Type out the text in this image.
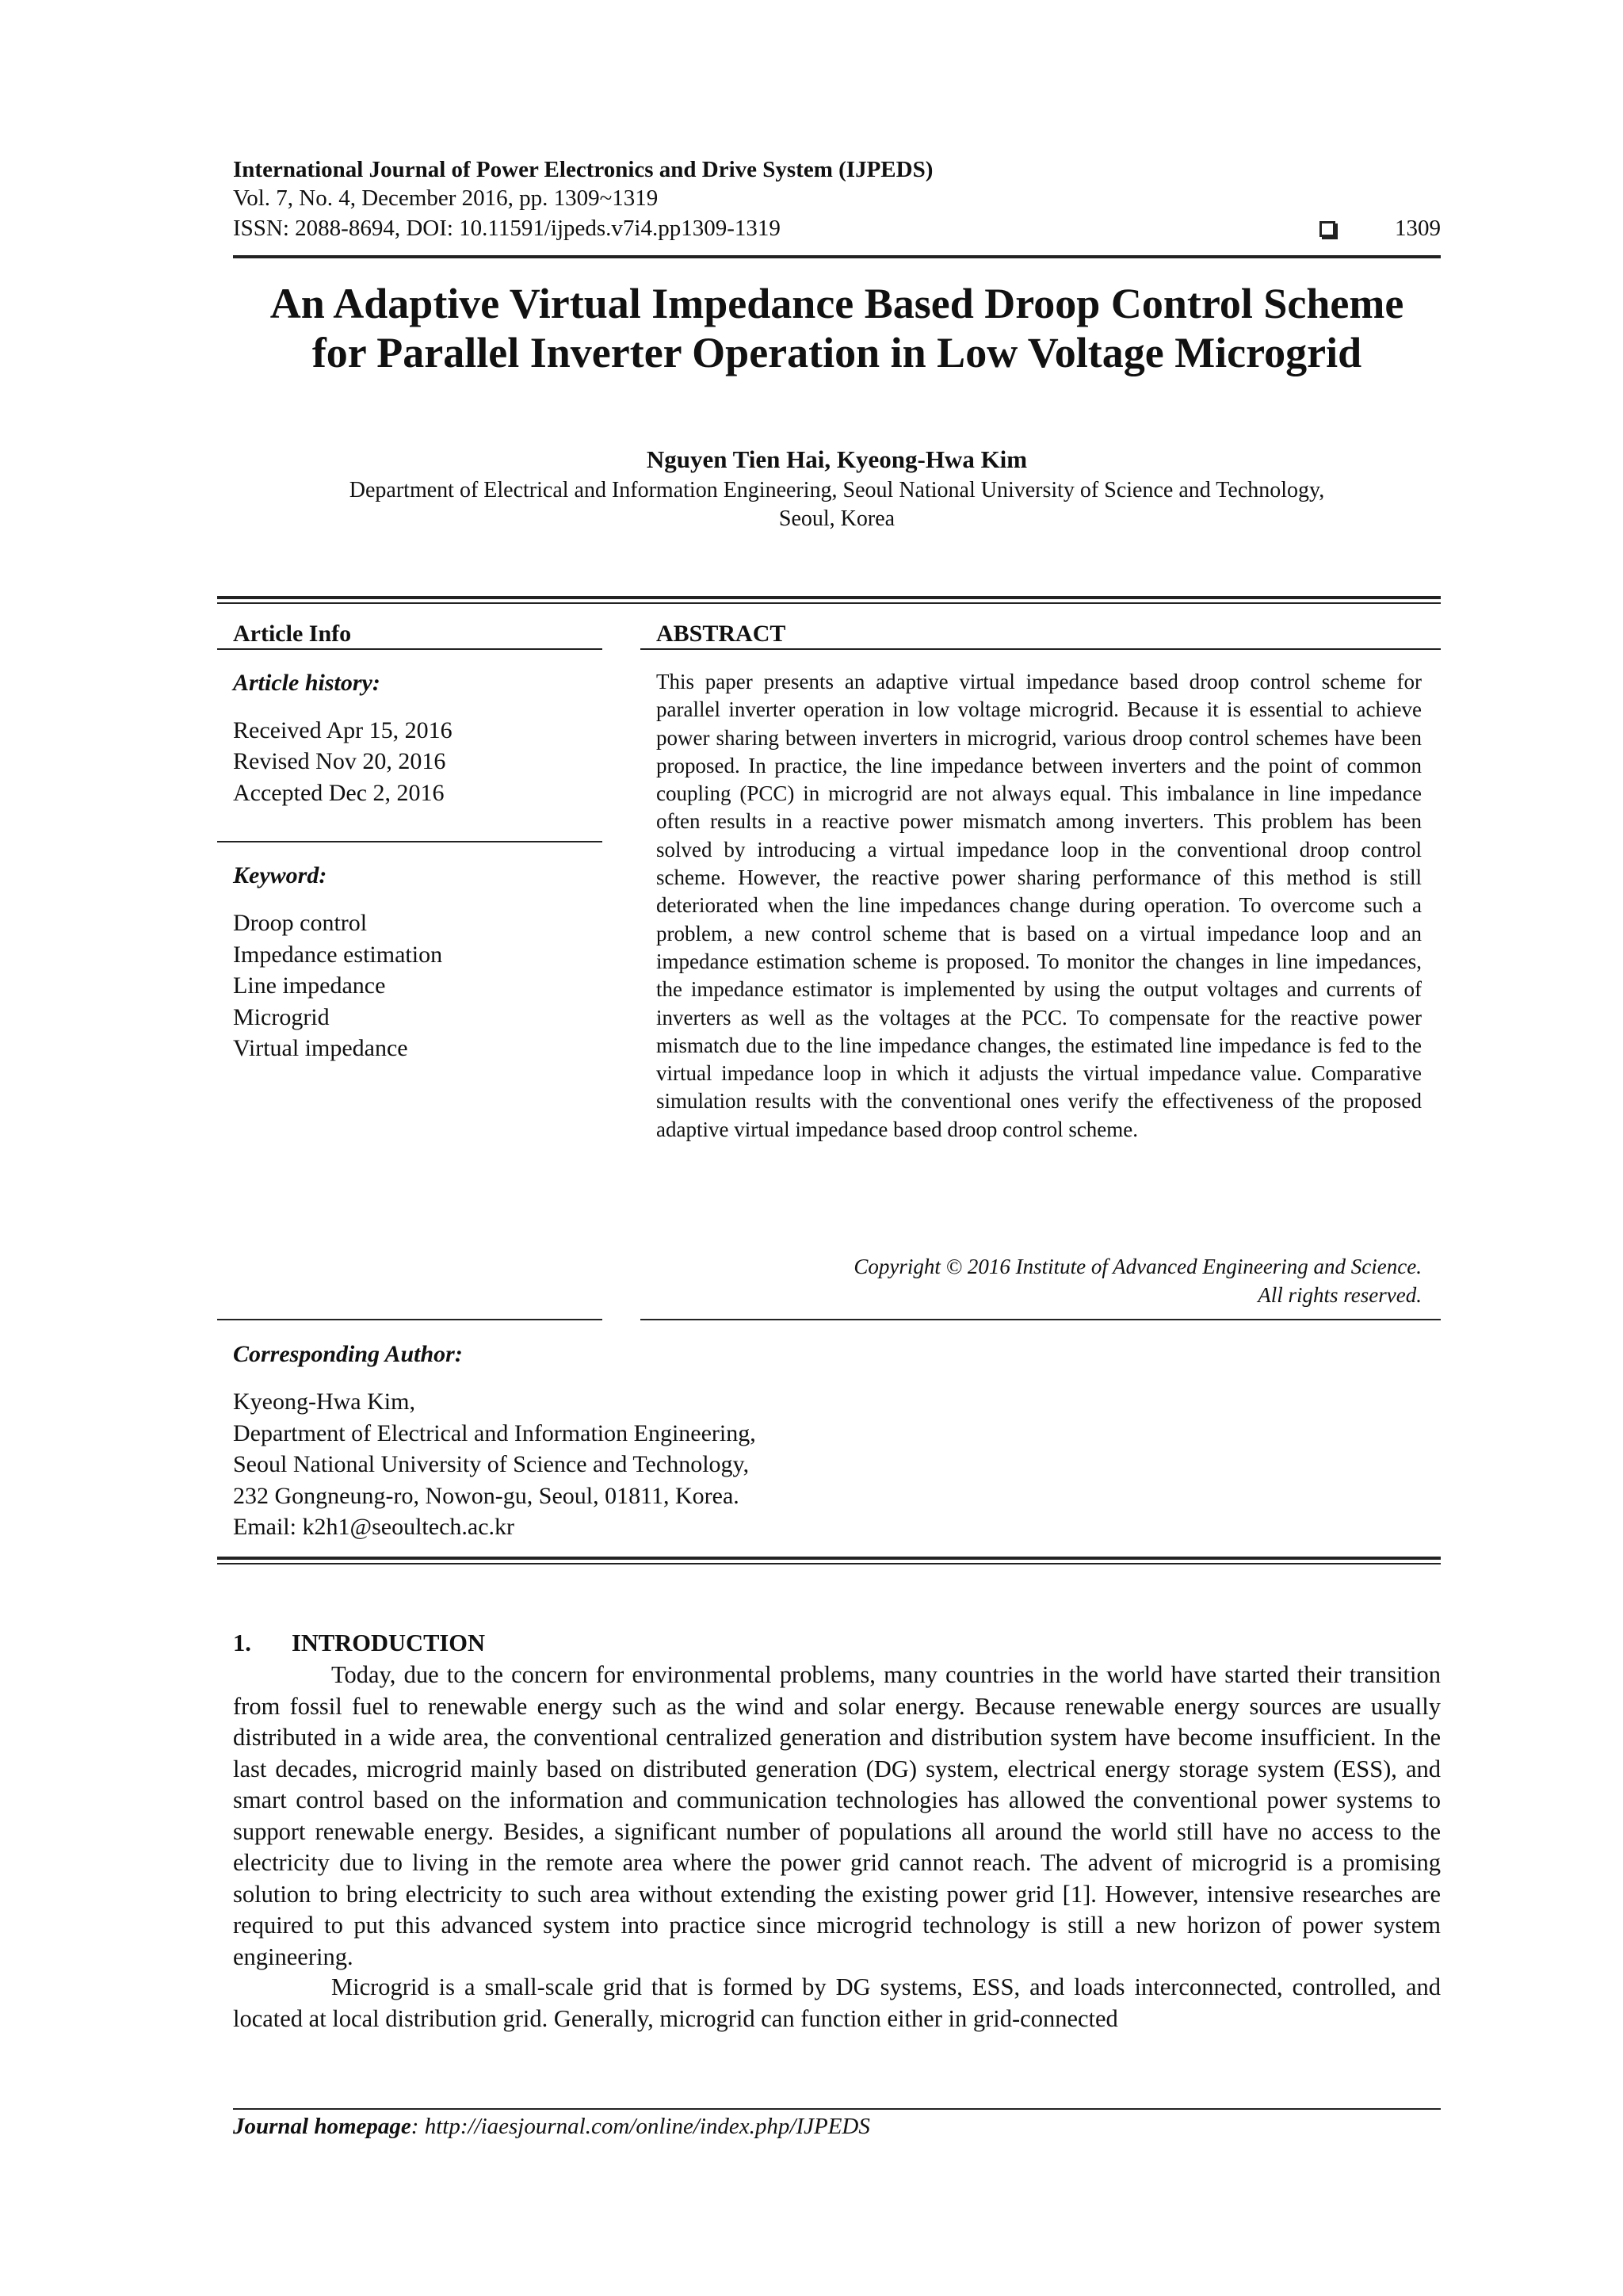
International Journal of Power Electronics and Drive System (IJPEDS)
Vol. 7, No. 4, December 2016, pp. 1309~1319
ISSN: 2088-8694, DOI: 10.11591/ijpeds.v7i4.pp1309-1319	1309
An Adaptive Virtual Impedance Based Droop Control Scheme
for Parallel Inverter Operation in Low Voltage Microgrid
Nguyen Tien Hai, Kyeong-Hwa Kim
Department of Electrical and Information Engineering, Seoul National University of Science and Technology,
Seoul, Korea
Article Info
Article history:
Received Apr 15, 2016
Revised Nov 20, 2016
Accepted Dec 2, 2016
Keyword:
Droop control
Impedance estimation
Line impedance
Microgrid
Virtual impedance
ABSTRACT
This paper presents an adaptive virtual impedance based droop control scheme for parallel inverter operation in low voltage microgrid. Because it is essential to achieve power sharing between inverters in microgrid, various droop control schemes have been proposed. In practice, the line impedance between inverters and the point of common coupling (PCC) in microgrid are not always equal. This imbalance in line impedance often results in a reactive power mismatch among inverters. This problem has been solved by introducing a virtual impedance loop in the conventional droop control scheme. However, the reactive power sharing performance of this method is still deteriorated when the line impedances change during operation. To overcome such a problem, a new control scheme that is based on a virtual impedance loop and an impedance estimation scheme is proposed. To monitor the changes in line impedances, the impedance estimator is implemented by using the output voltages and currents of inverters as well as the voltages at the PCC. To compensate for the reactive power mismatch due to the line impedance changes, the estimated line impedance is fed to the virtual impedance loop in which it adjusts the virtual impedance value. Comparative simulation results with the conventional ones verify the effectiveness of the proposed adaptive virtual impedance based droop control scheme.
Copyright © 2016 Institute of Advanced Engineering and Science.
All rights reserved.
Corresponding Author:
Kyeong-Hwa Kim,
Department of Electrical and Information Engineering,
Seoul National University of Science and Technology,
232 Gongneung-ro, Nowon-gu, Seoul, 01811, Korea.
Email: k2h1@seoultech.ac.kr
1. INTRODUCTION
Today, due to the concern for environmental problems, many countries in the world have started their transition from fossil fuel to renewable energy such as the wind and solar energy. Because renewable energy sources are usually distributed in a wide area, the conventional centralized generation and distribution system have become insufficient. In the last decades, microgrid mainly based on distributed generation (DG) system, electrical energy storage system (ESS), and smart control based on the information and communication technologies has allowed the conventional power systems to support renewable energy. Besides, a significant number of populations all around the world still have no access to the electricity due to living in the remote area where the power grid cannot reach. The advent of microgrid is a promising solution to bring electricity to such area without extending the existing power grid [1]. However, intensive researches are required to put this advanced system into practice since microgrid technology is still a new horizon of power system engineering.
Microgrid is a small-scale grid that is formed by DG systems, ESS, and loads interconnected, controlled, and located at local distribution grid. Generally, microgrid can function either in grid-connected
Journal homepage: http://iaesjournal.com/online/index.php/IJPEDS
